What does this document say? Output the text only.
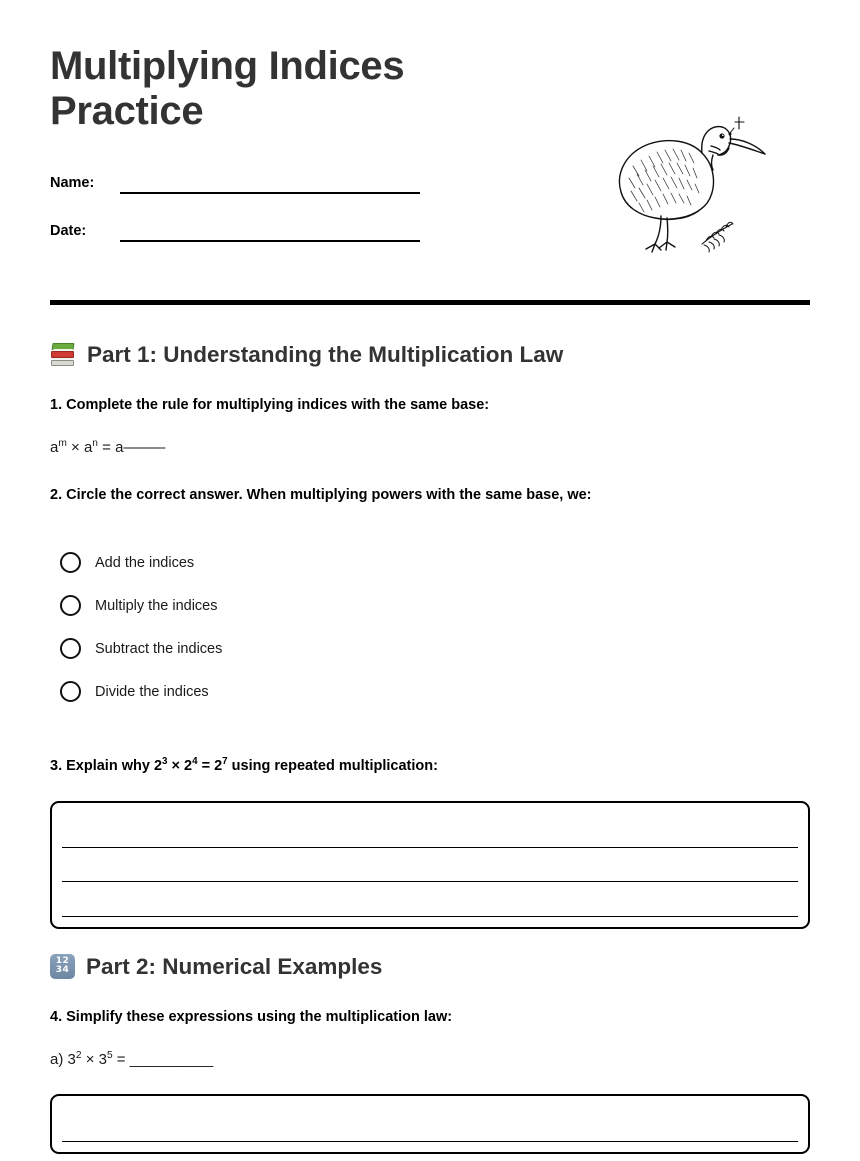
Multiplying Indices Practice
Name:
Date:
Part 1: Understanding the Multiplication Law
1. Complete the rule for multiplying indices with the same base:
$a^m \times a^n$ = a———
2. Circle the correct answer. When multiplying powers with the same base, we:
Add the indices
Multiply the indices
Subtract the indices
Divide the indices
3. Explain why $2^3 \times 2^4 = 2^7$ using repeated multiplication:
12
34 Part 2: Numerical Examples
4. Simplify these expressions using the multiplication law:
a) $3^2 \times 3^5$ = __________
